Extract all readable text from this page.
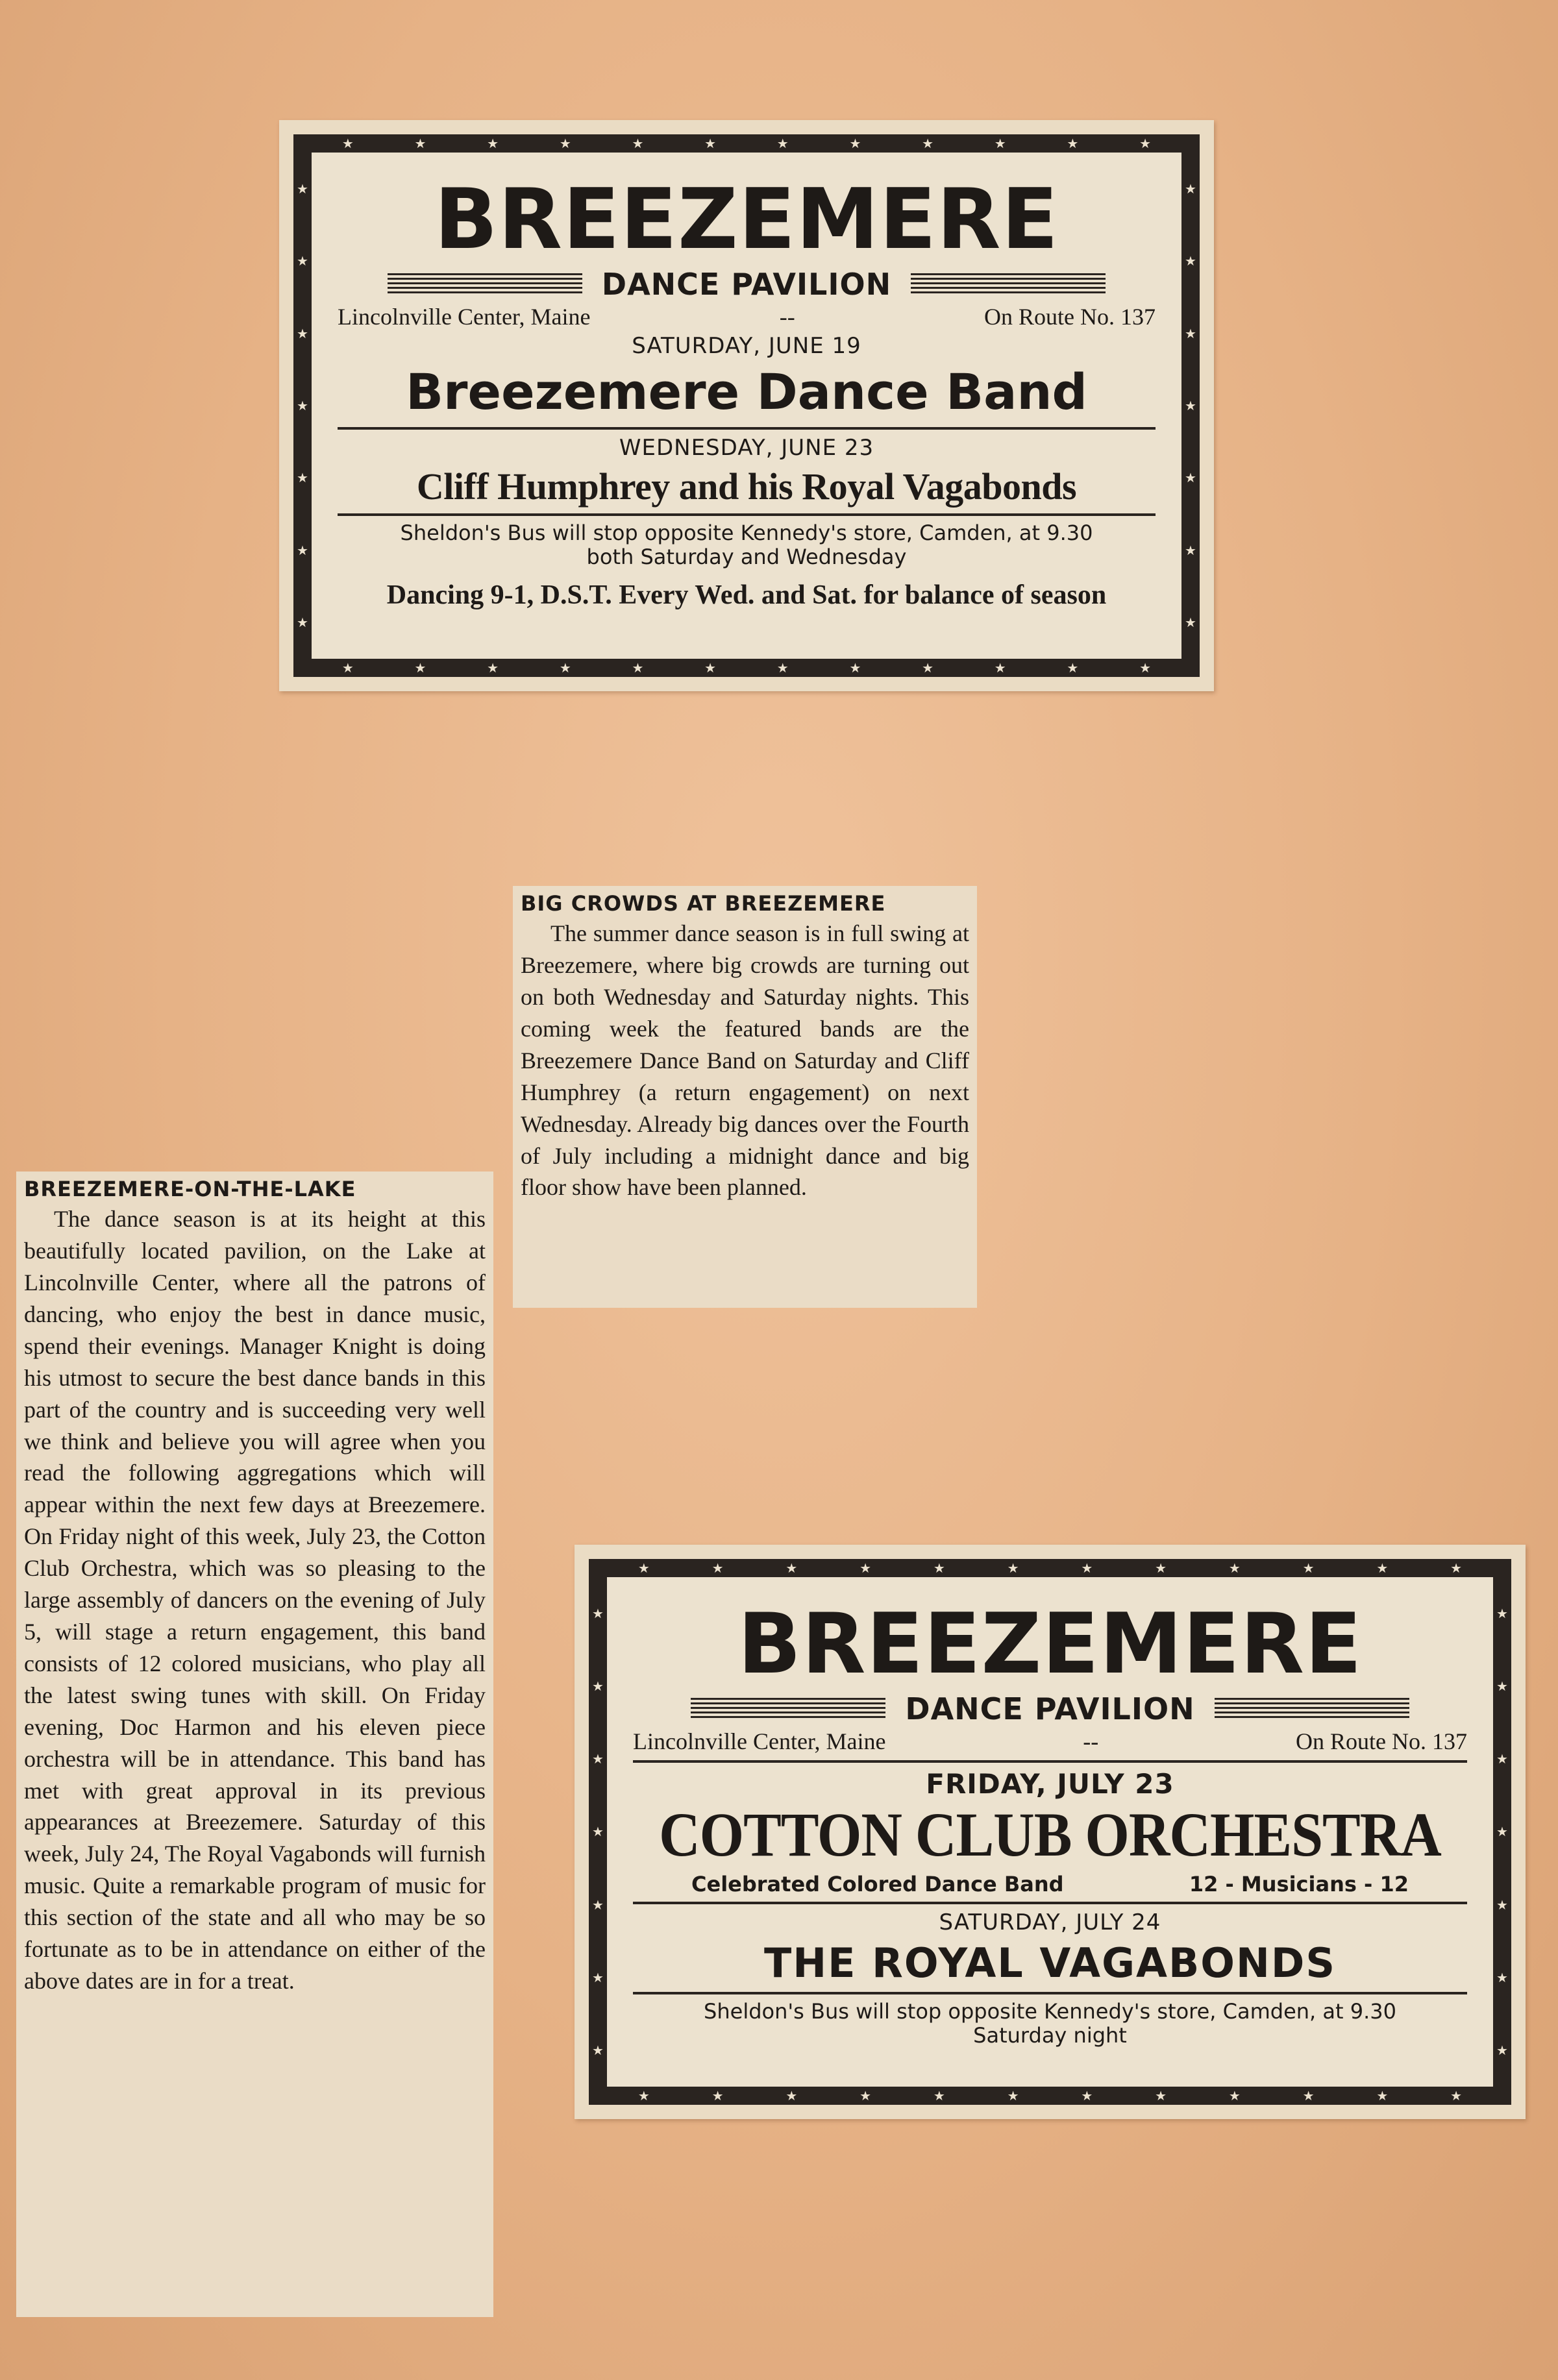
★	★	★	★	★	★	★	★	★	★	★	★
★	★	★	★	★	★	★	★	★	★	★	★
★
★
★
★
★
★
★
★
★
★
★
★
★
★
BREEZEMERE
DANCE PAVILION
Lincolnville Center, Maine	--	On Route No. 137
SATURDAY, JUNE 19
Breezemere Dance Band
WEDNESDAY, JUNE 23
Cliff Humphrey and his Royal Vagabonds
Sheldon's Bus will stop opposite Kennedy's store, Camden, at 9.30
both Saturday and Wednesday
Dancing 9-1, D.S.T. Every Wed. and Sat. for balance of season
BIG CROWDS AT BREEZEMERE

The summer dance season is in full swing at Breezemere, where big crowds are turning out on both Wednesday and Saturday nights. This coming week the featured bands are the Breezemere Dance Band on Saturday and Cliff Humphrey (a return engagement) on next Wednesday. Already big dances over the Fourth of July including a midnight dance and big floor show have been planned.

BREEZEMERE-ON-THE-LAKE

The dance season is at its height at this beautifully located pavilion, on the Lake at Lincolnville Center, where all the patrons of dancing, who enjoy the best in dance music, spend their evenings. Manager Knight is doing his utmost to secure the best dance bands in this part of the country and is succeeding very well we think and believe you will agree when you read the following aggregations which will appear within the next few days at Breezemere. On Friday night of this week, July 23, the Cotton Club Orchestra, which was so pleasing to the large assembly of dancers on the evening of July 5, will stage a return engagement, this band consists of 12 colored musicians, who play all the latest swing tunes with skill. On Friday evening, Doc Harmon and his eleven piece orchestra will be in attendance. This band has met with great approval in its previous appearances at Breezemere. Saturday of this week, July 24, The Royal Vagabonds will furnish music. Quite a remarkable program of music for this section of the state and all who may be so fortunate as to be in attendance on either of the above dates are in for a treat.

★	★	★	★	★	★	★	★	★	★	★	★
★	★	★	★	★	★	★	★	★	★	★	★
★
★
★
★
★
★
★
★
★
★
★
★
★
★
BREEZEMERE
DANCE PAVILION
Lincolnville Center, Maine	--	On Route No. 137
FRIDAY, JULY 23
COTTON CLUB ORCHESTRA
Celebrated Colored Dance Band	12 - Musicians - 12
SATURDAY, JULY 24
THE ROYAL VAGABONDS
Sheldon's Bus will stop opposite Kennedy's store, Camden, at 9.30
Saturday night
